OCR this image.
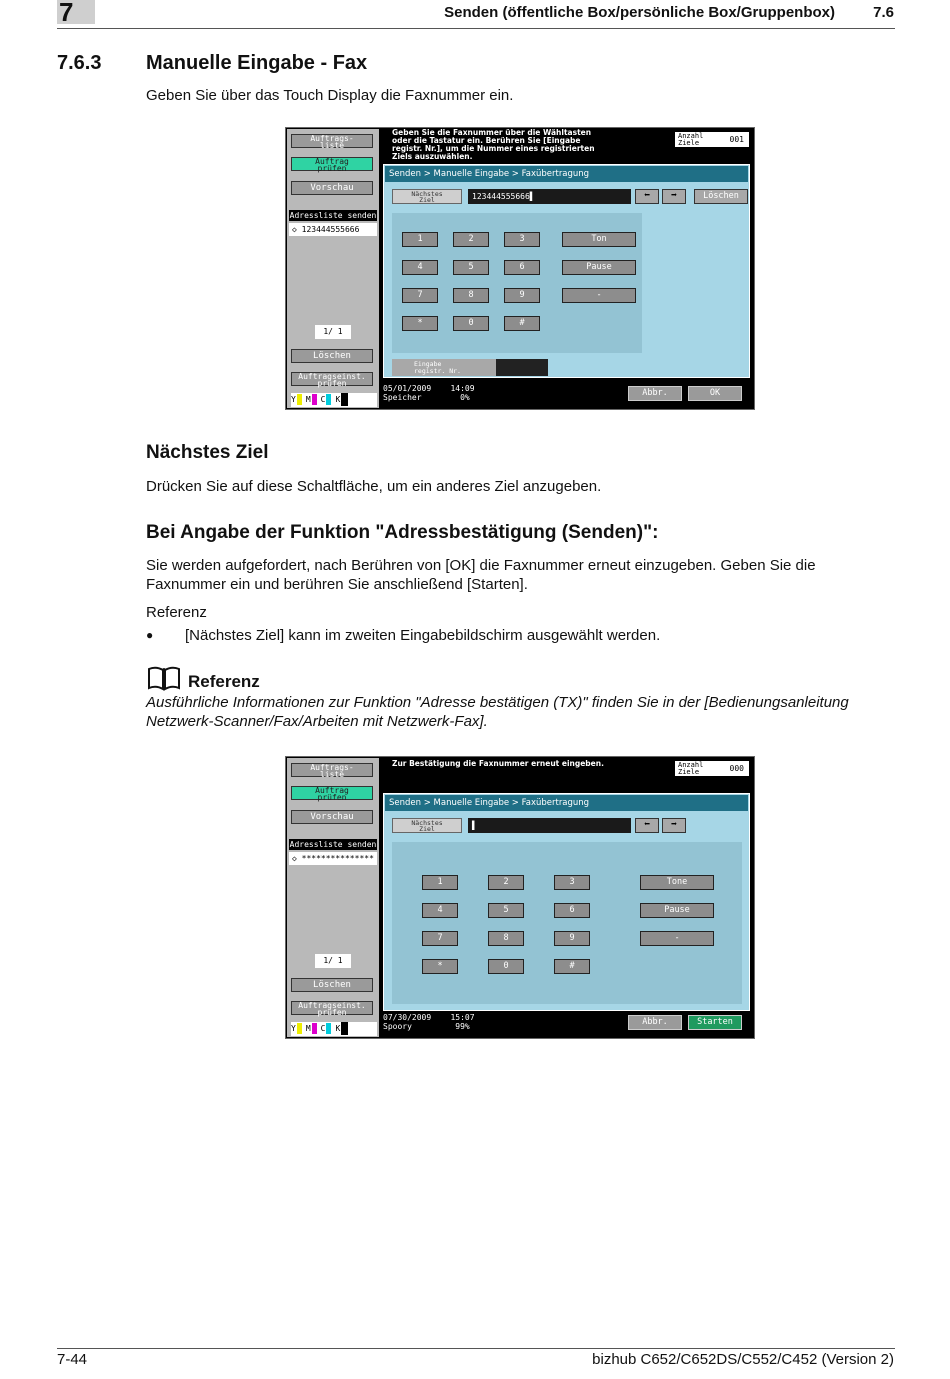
7	Senden (öffentliche Box/persönliche Box/Gruppenbox)	7.6
7.6.3 Manuelle Eingabe - Fax
Geben Sie über das Touch Display die Faxnummer ein.
Auftrags-
liste
Auftrag
prüfen
Vorschau
Adressliste senden
◇ 123444555666
1/ 1
Löschen
Auftragseinst.
prüfen
Y M C K
Geben Sie die Faxnummer über die Wähltasten oder die Tastatur ein. Berühren Sie [Eingabe registr. Nr.], um die Nummer eines registrierten Ziels auszuwählen.
Anzahl
Ziele	001
Senden > Manuelle Eingabe > Faxübertragung
Nächstes
Ziel	123444555666▌	⬅	➡	Löschen
1	2	3
4	5	6
7	8	9
*	0	#
Ton
Pause
-
Eingabe
registr. Nr.
05/01/2009 14:09
Speicher	0%	Abbr.	OK
Nächstes Ziel
Drücken Sie auf diese Schaltfläche, um ein anderes Ziel anzugeben.
Bei Angabe der Funktion "Adressbestätigung (Senden)":
Sie werden aufgefordert, nach Berühren von [OK] die Faxnummer erneut einzugeben. Geben Sie die Faxnummer ein und berühren Sie anschließend [Starten].
Referenz
● [Nächstes Ziel] kann im zweiten Eingabebildschirm ausgewählt werden.
Referenz
Ausführliche Informationen zur Funktion "Adresse bestätigen (TX)" finden Sie in der [Bedienungsanleitung Netzwerk-Scanner/Fax/Arbeiten mit Netzwerk-Fax].
Auftrags-
liste
Auftrag
prüfen
Vorschau
Adressliste senden
◇ ***************
1/ 1
Löschen
Auftragseinst.
prüfen
Y M C K
Zur Bestätigung die Faxnummer erneut eingeben.	Anzahl
Ziele	000
Senden > Manuelle Eingabe > Faxübertragung
Nächstes
Ziel	▌	⬅	➡
1	2	3
4	5	6
7	8	9
*	0	#
Tone
Pause
-
07/30/2009 15:07
Spoory	99%	Abbr.	Starten
7-44	bizhub C652/C652DS/C552/C452 (Version 2)
